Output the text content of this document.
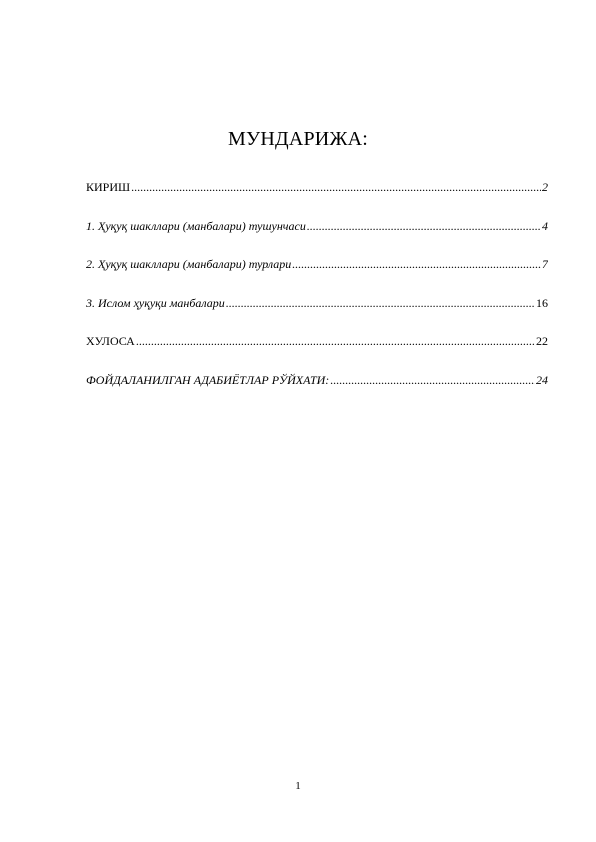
МУНДАРИЖА:
КИРИШ .....	2
1. Ҳуқуқ шакллари (манбалари) тушунчаси .....	4
2. Ҳуқуқ шакллари (манбалари) турлари .....	7
3. Ислом ҳуқуқи манбалари .....	16
ХУЛОСА .....	22
ФОЙДАЛАНИЛГАН АДАБИЁТЛАР РЎЙХАТИ: .....	24
1
